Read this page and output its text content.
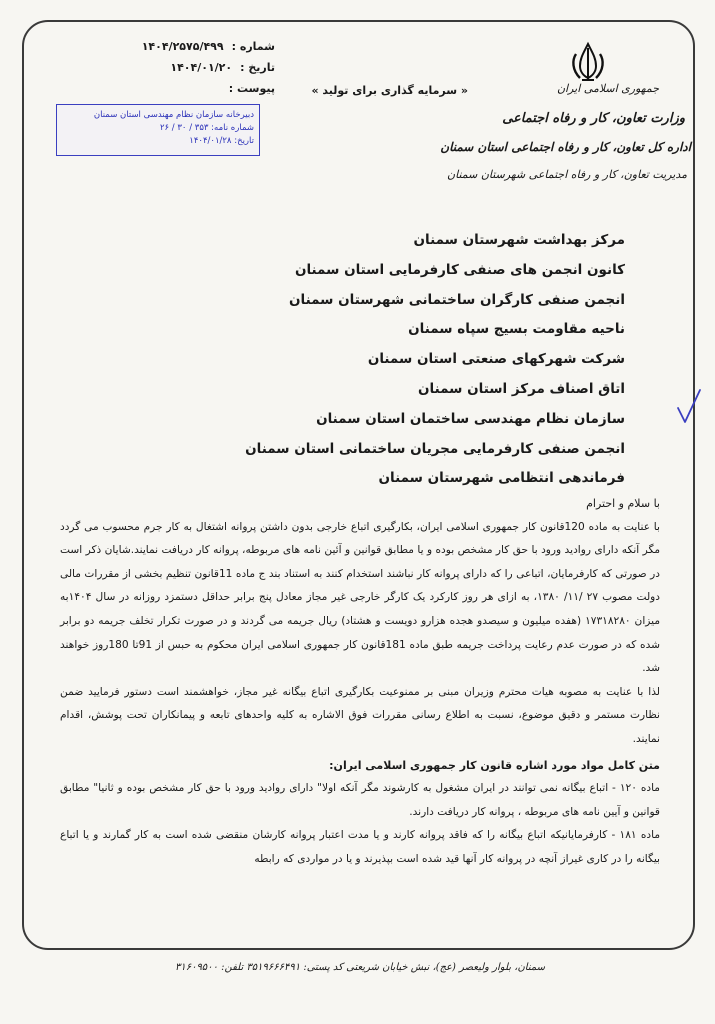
جمهوری اسلامی ایران
وزارت تعاون، کار و رفاه اجتماعی
اداره کل تعاون، کار و رفاه اجتماعی استان سمنان
مدیریت تعاون، کار و رفاه اجتماعی شهرستان سمنان
« سرمایه گذاری برای تولید »
شماره :
۱۴۰۴/۲۵۷۵/۴۹۹
تاریخ :
۱۴۰۴/۰۱/۲۰
پیوست :
دبیرخانه سازمان نظام مهندسی استان سمنان
شماره نامه: ۲۶ / ۳۰ / ۳۵۳
تاریخ: ۱۴۰۴/۰۱/۲۸
مرکز بهداشت شهرستان سمنان
کانون انجمن های صنفی کارفرمایی استان سمنان
انجمن صنفی کارگران ساختمانی شهرستان سمنان
ناحیه مقاومت بسیج سپاه سمنان
شرکت شهرکهای صنعتی استان سمنان
اتاق اصناف مرکز استان سمنان
سازمان نظام مهندسی ساختمان استان سمنان
انجمن صنفی کارفرمایی مجریان ساختمانی استان سمنان
فرماندهی انتظامی شهرستان سمنان

با سلام و احترام

با عنایت به ماده 120قانون کار جمهوری اسلامی ایران، بکارگیری اتباع خارجی بدون داشتن پروانه اشتغال به کار جرم محسوب می گردد مگر آنکه دارای روادید ورود با حق کار مشخص بوده و یا مطابق قوانین و آئین نامه های مربوطه، پروانه کار دریافت نمایند.شایان ذکر است در صورتی که کارفرمایان، اتباعی را که دارای پروانه کار نباشند استخدام کنند به استناد بند ج ماده 11قانون تنظیم بخشی از مقررات مالی دولت مصوب ۲۷ /۱۱/ ۱۳۸۰، به ازای هر روز کارکرد یک کارگر خارجی غیر مجاز معادل پنج برابر حداقل دستمزد روزانه در سال ۱۴۰۴به میزان ۱۷۳۱۸۲۸۰ (هفده میلیون و سیصدو هجده هزارو دویست و هشتاد) ریال جریمه می گردند و در صورت تکرار تخلف جریمه دو برابر شده که در صورت عدم رعایت پرداخت جریمه طبق ماده 181قانون کار جمهوری اسلامی ایران محکوم به حبس از 91تا 180روز خواهند شد.

لذا با عنایت به مصوبه هیات محترم وزیران مبنی بر ممنوعیت بکارگیری اتباع بیگانه غیر مجاز، خواهشمند است دستور فرمایید ضمن نظارت مستمر و دقیق موضوع، نسبت به اطلاع رسانی مقررات فوق الاشاره به کلیه واحدهای تابعه و پیمانکاران تحت پوشش، اقدام نمایند.

متن کامل مواد مورد اشاره قانون کار جمهوری اسلامی ایران:

ماده ۱۲۰ - اتباع بیگانه نمی توانند در ایران مشغول به کارشوند مگر آنکه اولا" دارای روادید ورود با حق کار مشخص بوده و ثانیا" مطابق قوانین و آیین نامه های مربوطه ، پروانه کار دریافت دارند.

ماده ۱۸۱ - کارفرمایانیکه اتباع بیگانه را که فاقد پروانه کارند و یا مدت اعتبار پروانه کارشان منقضی شده است به کار گمارند و یا اتباع بیگانه را در کاری غیراز آنچه در پروانه کار آنها قید شده است بپذیرند و یا در مواردی که رابطه

سمنان، بلوار ولیعصر (عج)، نبش خیابان شریعتی کد پستی: ۳۵۱۹۶۶۶۴۹۱ تلفن: ۳۱۶۰۹۵۰۰
